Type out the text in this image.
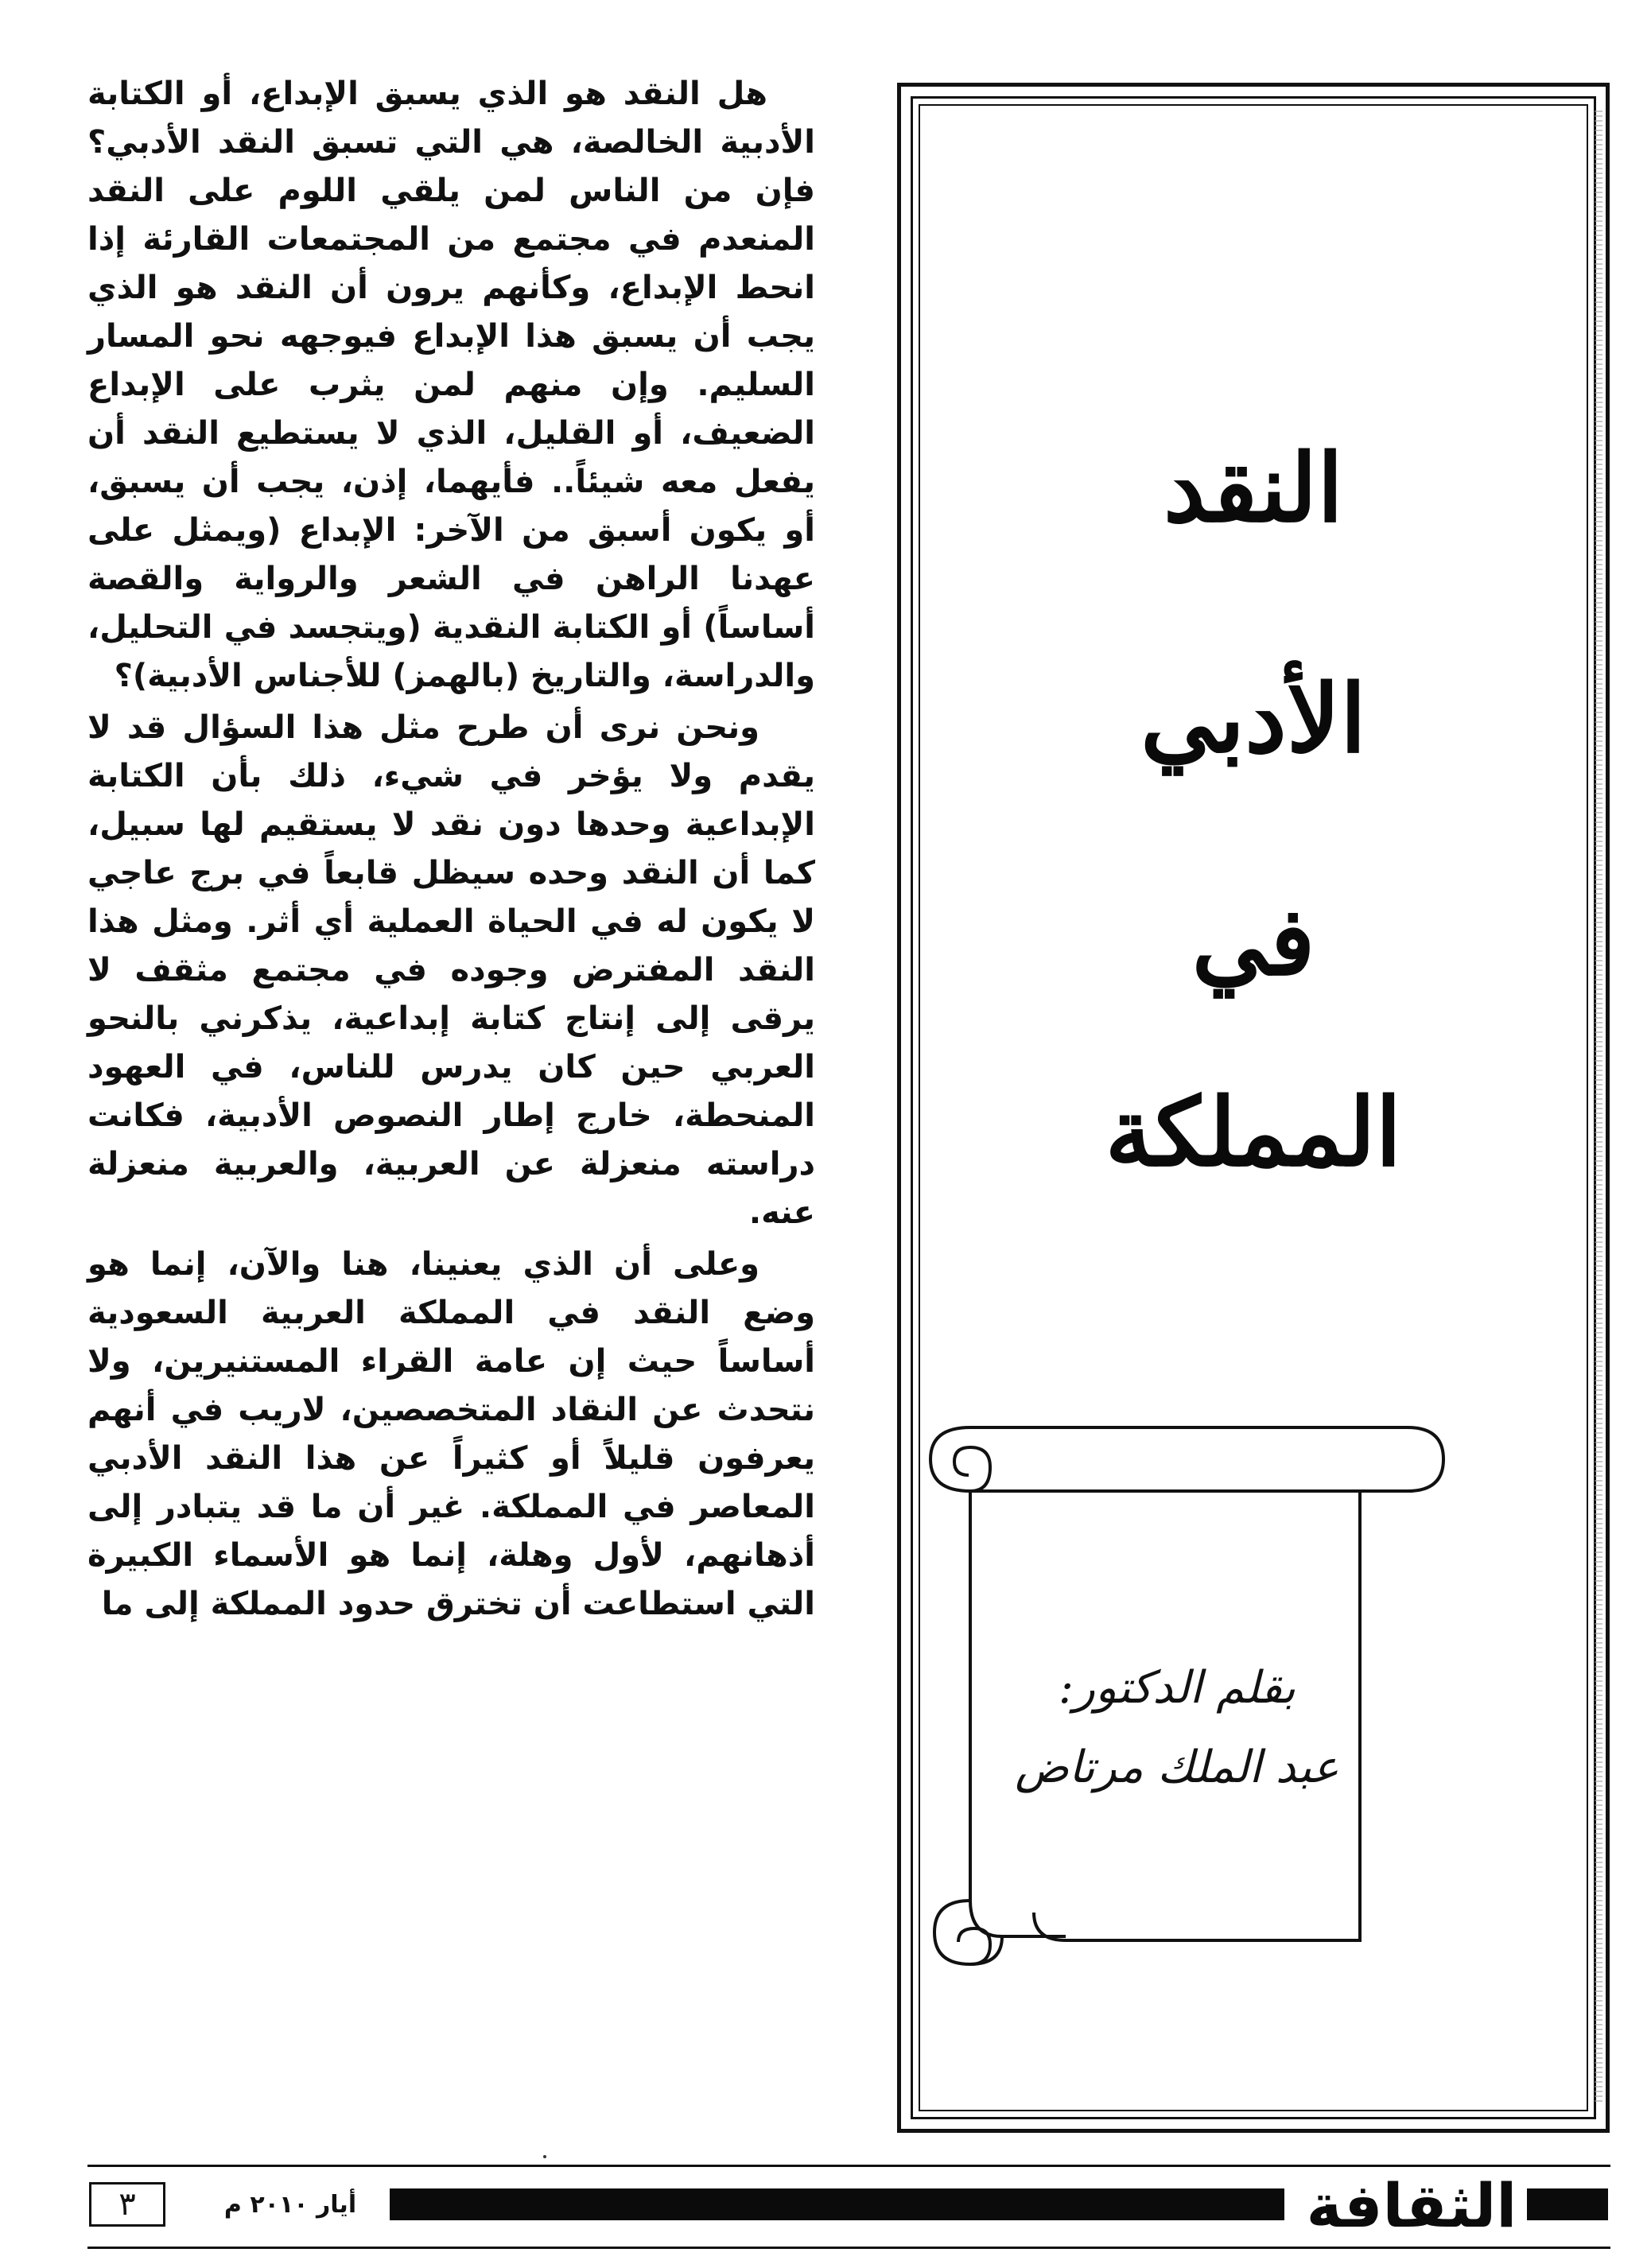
هل النقد هو الذي يسبق الإبداع، أو الكتابة الأدبية الخالصة، هي التي تسبق النقد الأدبي؟ فإن من الناس لمن يلقي اللوم على النقد المنعدم في مجتمع من المجتمعات القارئة إذا انحط الإبداع، وكأنهم يرون أن النقد هو الذي يجب أن يسبق هذا الإبداع فيوجهه نحو المسار السليم. وإن منهم لمن يثرب على الإبداع الضعيف، أو القليل، الذي لا يستطيع النقد أن يفعل معه شيئاً.. فأيهما، إذن، يجب أن يسبق، أو يكون أسبق من الآخر: الإبداع (ويمثل على عهدنا الراهن في الشعر والرواية والقصة أساساً) أو الكتابة النقدية (ويتجسد في التحليل، والدراسة، والتاريخ (بالهمز) للأجناس الأدبية)؟

ونحن نرى أن طرح مثل هذا السؤال قد لا يقدم ولا يؤخر في شيء، ذلك بأن الكتابة الإبداعية وحدها دون نقد لا يستقيم لها سبيل، كما أن النقد وحده سيظل قابعاً في برج عاجي لا يكون له في الحياة العملية أي أثر. ومثل هذا النقد المفترض وجوده في مجتمع مثقف لا يرقى إلى إنتاج كتابة إبداعية، يذكرني بالنحو العربي حين كان يدرس للناس، في العهود المنحطة، خارج إطار النصوص الأدبية، فكانت دراسته منعزلة عن العربية، والعربية منعزلة عنه.

وعلى أن الذي يعنينا، هنا والآن، إنما هو وضع النقد في المملكة العربية السعودية أساساً حيث إن عامة القراء المستنيرين، ولا نتحدث عن النقاد المتخصصين، لاريب في أنهم يعرفون قليلاً أو كثيراً عن هذا النقد الأدبي المعاصر في المملكة. غير أن ما قد يتبادر إلى أذهانهم، لأول وهلة، إنما هو الأسماء الكبيرة التي استطاعت أن تخترق حدود المملكة إلى ما

النقد
الأدبي
في
المملكة
بقلم الدكتور:
عبد الملك مرتاض
٣	أيار ٢٠١٠ م	الثقافة
